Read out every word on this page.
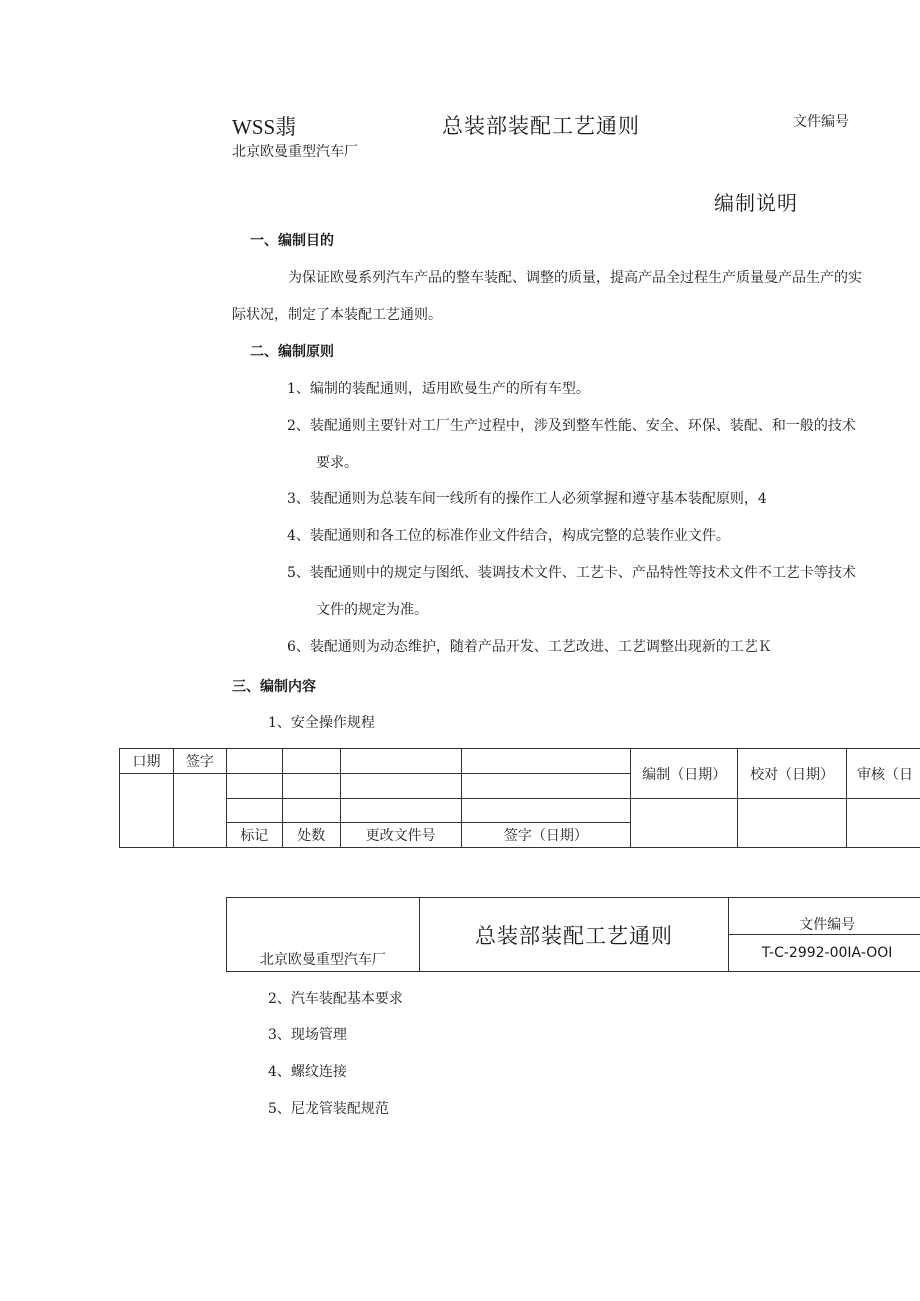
WSS翡	总装部装配工艺通则	文件编号
北京欧曼重型汽车厂
编制说明
一、编制目的
为保证欧曼系列汽车产品的整车装配、调整的质量，提高产品全过程生产质量曼产品生产的实
际状况，制定了本装配工艺通则。
二、编制原则
1、编制的装配通则，适用欧曼生产的所有车型。
2、装配通则主要针对工厂生产过程中，涉及到整车性能、安全、环保、装配、和一般的技术
要求。
3、装配通则为总装车间一线所有的操作工人必须掌握和遵守基本装配原则，4
4、装配通则和各工位的标准作业文件结合，构成完整的总装作业文件。
5、装配通则中的规定与图纸、装调技术文件、工艺卡、产品特性等技术文件不工艺卡等技术
文件的规定为准。
6、装配通则为动态维护，随着产品开发、工艺改进、工艺调整出现新的工艺Ｋ
三、编制内容
1、安全操作规程
口期	签字					编制（日期）	校对（日期）	审核（日

		标记	处数	更改文件号	签字（日期）			
北京欧曼重型汽车厂	总装部装配工艺通则	文件编号
T-C-2992-00IA-OOI
2、汽车装配基本要求
3、现场管理
4、螺纹连接
5、尼龙管装配规范
